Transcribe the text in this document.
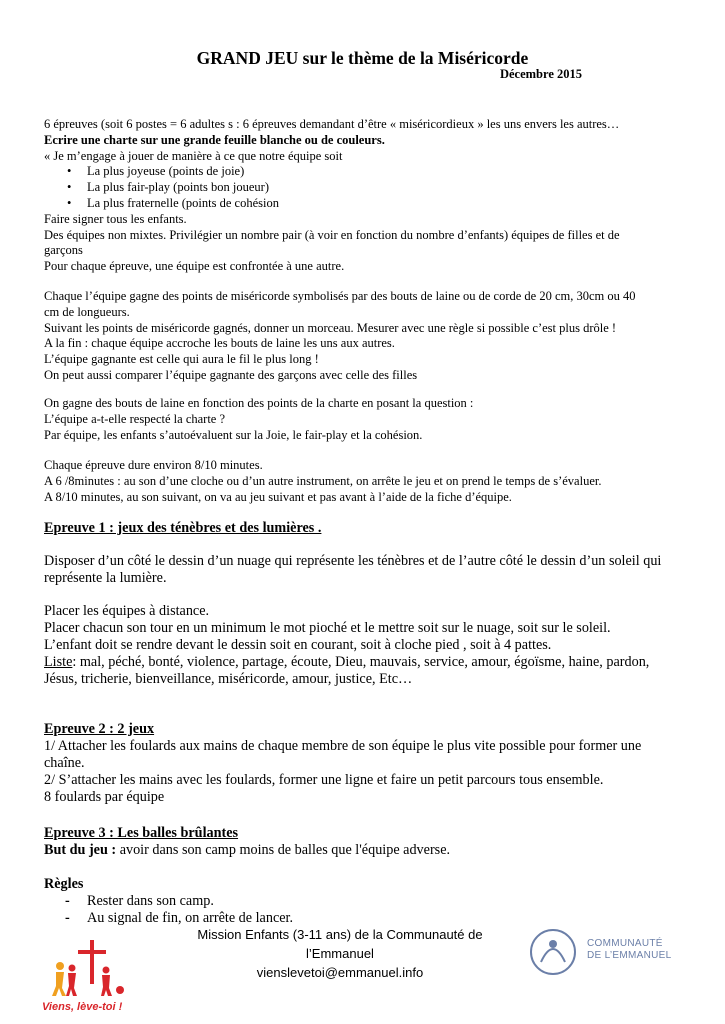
GRAND JEU sur le thème de la Miséricorde
Décembre 2015

6 épreuves (soit 6 postes = 6 adultes s : 6 épreuves demandant d’être « miséricordieux » les uns envers les autres…

Ecrire une charte sur une grande feuille blanche ou de couleurs.

« Je m’engage à jouer de manière à ce que notre équipe soit

• La plus joyeuse (points de joie)
• La plus fair-play (points bon joueur)
• La plus fraternelle (points de cohésion

Faire signer tous les enfants.

Des équipes non mixtes. Privilégier un nombre pair (à voir en fonction du nombre d’enfants) équipes de filles et de

garçons

Pour chaque épreuve, une équipe est confrontée à une autre.

Chaque l’équipe gagne des points de miséricorde symbolisés par des bouts de laine ou de corde de 20 cm, 30cm ou 40

cm de longueurs.

Suivant les points de miséricorde gagnés, donner un morceau. Mesurer avec une règle si possible c’est plus drôle !

A la fin : chaque équipe accroche les bouts de laine les uns aux autres.

L’équipe gagnante est celle qui aura le fil le plus long !

On peut aussi comparer l’équipe gagnante des garçons avec celle des filles

On gagne des bouts de laine en fonction des points de la charte en posant la question :

L’équipe a-t-elle respecté la charte ?

Par équipe, les enfants s’autoévaluent sur la Joie, le fair-play et la cohésion.

Chaque épreuve dure environ 8/10 minutes.

A 6 /8minutes : au son d’une cloche ou d’un autre instrument, on arrête le jeu et on prend le temps de s’évaluer.

A 8/10 minutes, au son suivant, on va au jeu suivant et pas avant à l’aide de la fiche d’équipe.

Epreuve 1 : jeux des ténèbres et des lumières .

Disposer d’un côté le dessin d’un nuage qui représente les ténèbres et de l’autre côté le dessin d’un soleil qui

représente la lumière.

Placer les équipes à distance.

Placer chacun son tour en un minimum le mot pioché et le mettre soit sur le nuage, soit sur le soleil.

L’enfant doit se rendre devant le dessin soit en courant, soit à cloche pied , soit à 4 pattes.

Liste: mal, péché, bonté, violence, partage, écoute, Dieu, mauvais, service, amour, égoïsme, haine, pardon,

Jésus, tricherie, bienveillance, miséricorde, amour, justice, Etc…

Epreuve 2 : 2 jeux

1/ Attacher les foulards aux mains de chaque membre de son équipe le plus vite possible pour former une

chaîne.

2/ S’attacher les mains avec les foulards, former une ligne et faire un petit parcours tous ensemble.

8 foulards par équipe

Epreuve 3 : Les balles brûlantes

But du jeu : avoir dans son camp moins de balles que l'équipe adverse.

Règles

- Rester dans son camp.
- Au signal de fin, on arrête de lancer.
Mission Enfants (3-11 ans) de la Communauté de
l’Emmanuel
vienslevetoi@emmanuel.info
Viens, lève-toi !
COMMUNAUTÉ
DE L’EMMANUEL
